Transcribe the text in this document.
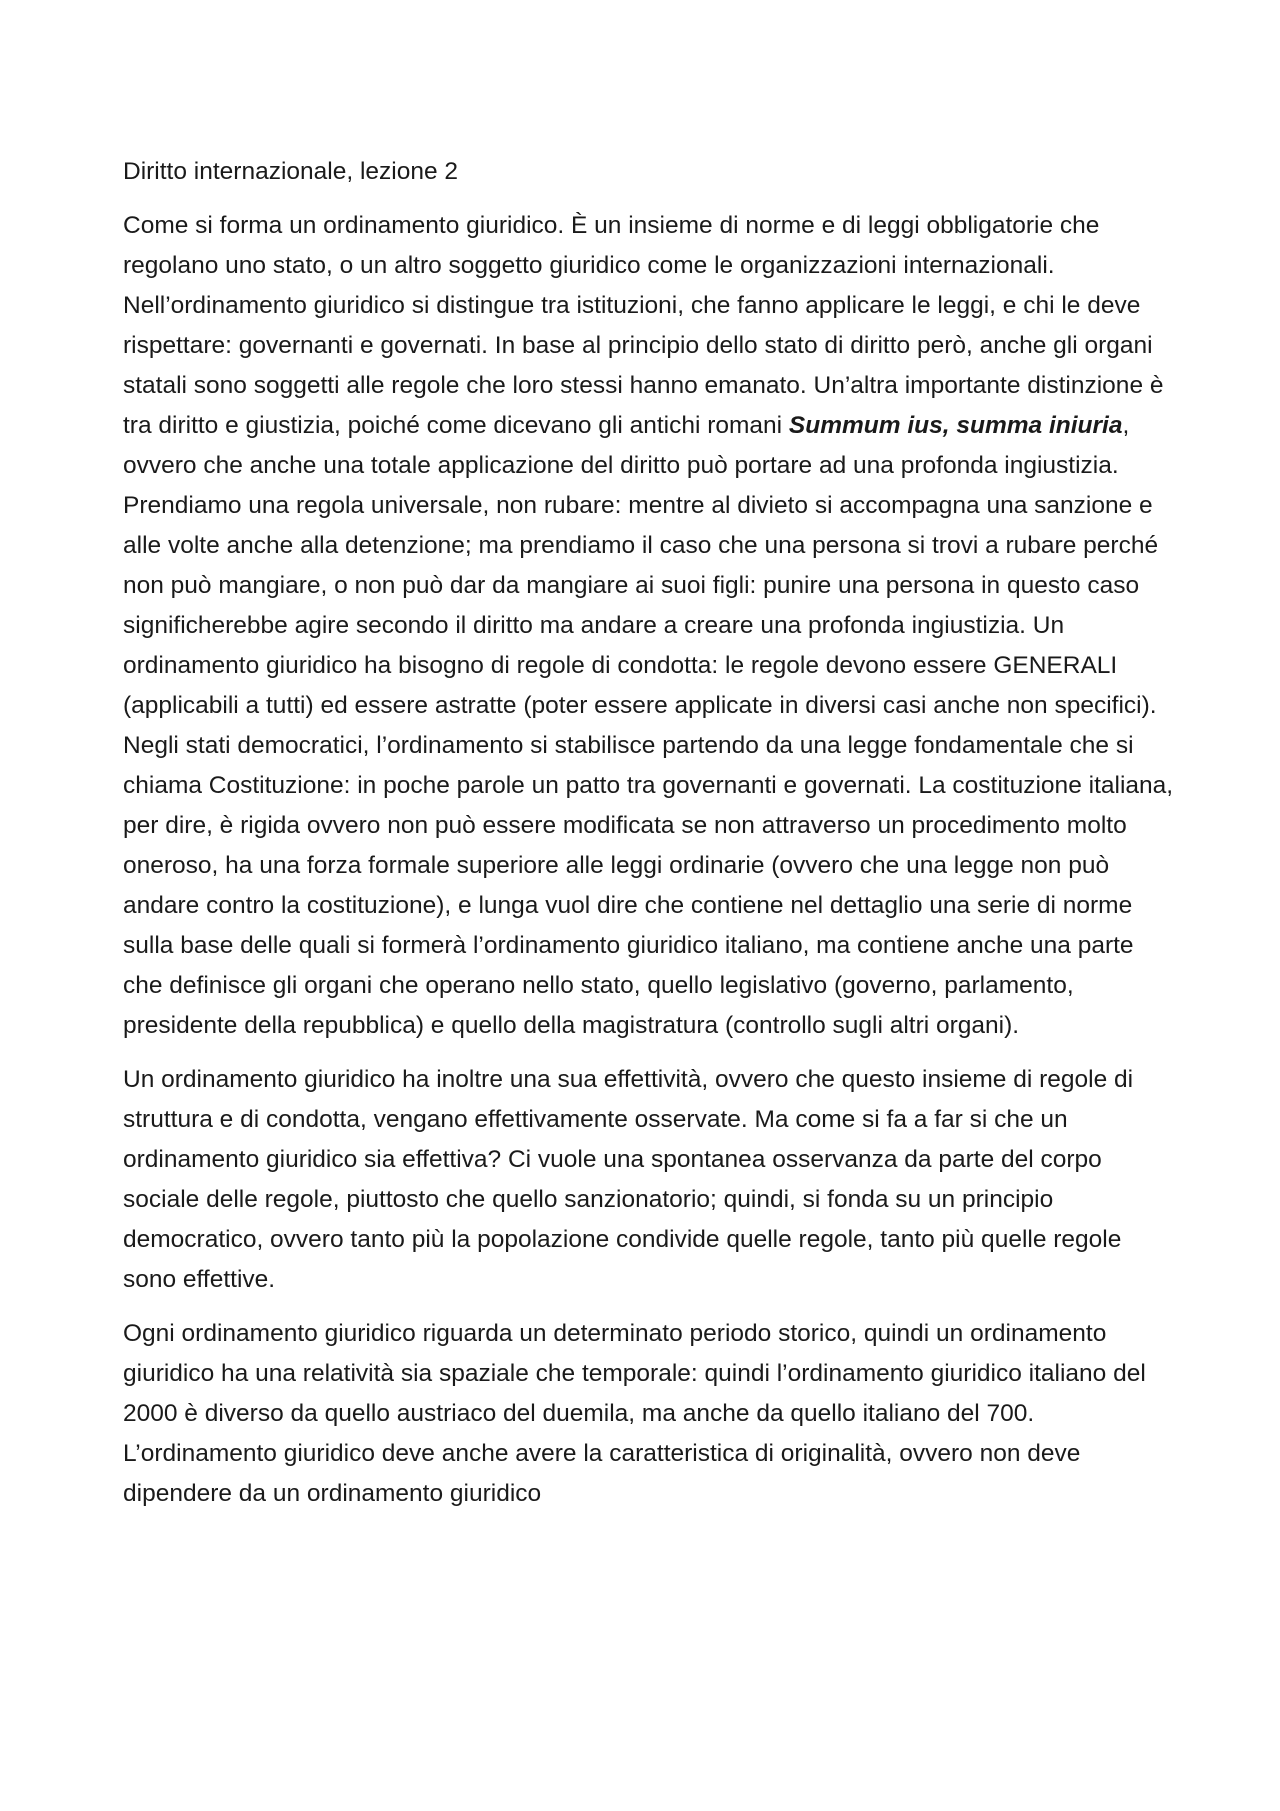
Diritto internazionale, lezione 2

Come si forma un ordinamento giuridico. È un insieme di norme e di leggi obbligatorie che regolano uno stato, o un altro soggetto giuridico come le organizzazioni internazionali. Nell’ordinamento giuridico si distingue tra istituzioni, che fanno applicare le leggi, e chi le deve rispettare: governanti e governati. In base al principio dello stato di diritto però, anche gli organi statali sono soggetti alle regole che loro stessi hanno emanato. Un’altra importante distinzione è tra diritto e giustizia, poiché come dicevano gli antichi romani Summum ius, summa iniuria, ovvero che anche una totale applicazione del diritto può portare ad una profonda ingiustizia. Prendiamo una regola universale, non rubare: mentre al divieto si accompagna una sanzione e alle volte anche alla detenzione; ma prendiamo il caso che una persona si trovi a rubare perché non può mangiare, o non può dar da mangiare ai suoi figli: punire una persona in questo caso significherebbe agire secondo il diritto ma andare a creare una profonda ingiustizia. Un ordinamento giuridico ha bisogno di regole di condotta: le regole devono essere GENERALI (applicabili a tutti) ed essere astratte (poter essere applicate in diversi casi anche non specifici). Negli stati democratici, l’ordinamento si stabilisce partendo da una legge fondamentale che si chiama Costituzione: in poche parole un patto tra governanti e governati. La costituzione italiana, per dire, è rigida ovvero non può essere modificata se non attraverso un procedimento molto oneroso, ha una forza formale superiore alle leggi ordinarie (ovvero che una legge non può andare contro la costituzione), e lunga vuol dire che contiene nel dettaglio una serie di norme sulla base delle quali si formerà l’ordinamento giuridico italiano, ma contiene anche una parte che definisce gli organi che operano nello stato, quello legislativo (governo, parlamento, presidente della repubblica) e quello della magistratura (controllo sugli altri organi).

Un ordinamento giuridico ha inoltre una sua effettività, ovvero che questo insieme di regole di struttura e di condotta, vengano effettivamente osservate. Ma come si fa a far si che un ordinamento giuridico sia effettiva? Ci vuole una spontanea osservanza da parte del corpo sociale delle regole, piuttosto che quello sanzionatorio; quindi, si fonda su un principio democratico, ovvero tanto più la popolazione condivide quelle regole, tanto più quelle regole sono effettive.

Ogni ordinamento giuridico riguarda un determinato periodo storico, quindi un ordinamento giuridico ha una relatività sia spaziale che temporale: quindi l’ordinamento giuridico italiano del 2000 è diverso da quello austriaco del duemila, ma anche da quello italiano del 700. L’ordinamento giuridico deve anche avere la caratteristica di originalità, ovvero non deve dipendere da un ordinamento giuridico
